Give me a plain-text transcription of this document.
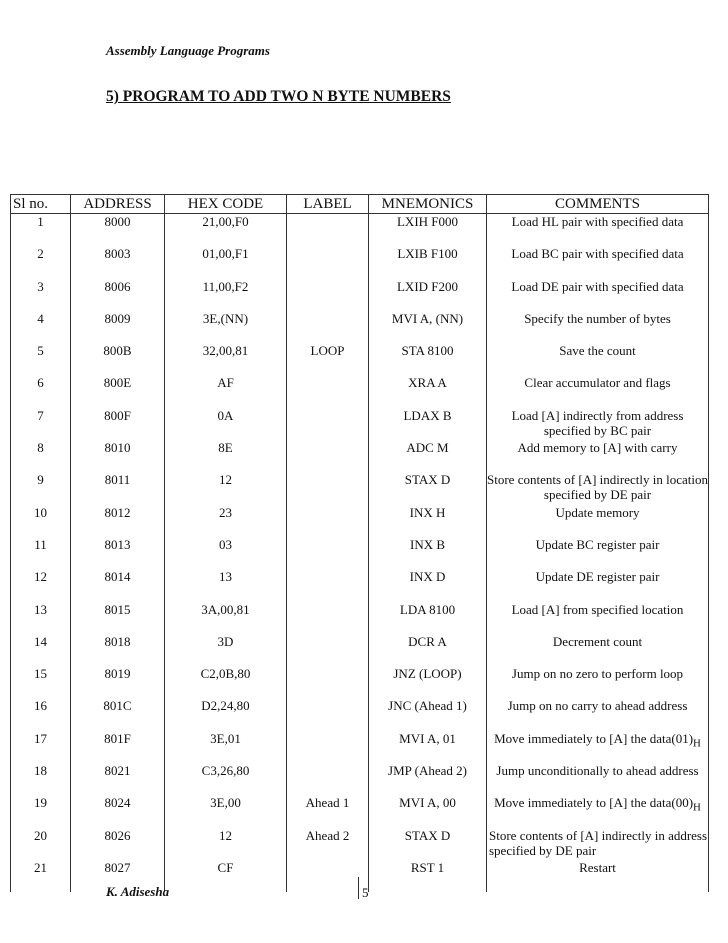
Assembly Language Programs
5) PROGRAM TO ADD TWO N BYTE NUMBERS
Sl no.	ADDRESS	HEX CODE	LABEL	MNEMONICS	COMMENTS
1	8000	21,00,F0		LXIH F000	Load HL pair with specified data
2	8003	01,00,F1		LXIB F100	Load BC pair with specified data
3	8006	11,00,F2		LXID F200	Load DE pair with specified data
4	8009	3E,(NN)		MVI A, (NN)	Specify the number of bytes
5	800B	32,00,81	LOOP	STA 8100	Save the count
6	800E	AF		XRA A	Clear accumulator and flags
7	800F	0A		LDAX B	Load [A] indirectly from address specified by BC pair
8	8010	8E		ADC M	Add memory to [A] with carry
9	8011	12		STAX D	Store contents of [A] indirectly in location specified by DE pair
10	8012	23		INX H	Update memory
11	8013	03		INX B	Update BC register pair
12	8014	13		INX D	Update DE register pair
13	8015	3A,00,81		LDA 8100	Load [A] from specified location
14	8018	3D		DCR A	Decrement count
15	8019	C2,0B,80		JNZ (LOOP)	Jump on no zero to perform loop
16	801C	D2,24,80		JNC (Ahead 1)	Jump on no carry to ahead address
17	801F	3E,01		MVI A, 01	Move immediately to [A] the $data(01)_H$
18	8021	C3,26,80		JMP (Ahead 2)	Jump unconditionally to ahead address
19	8024	3E,00	Ahead 1	MVI A, 00	Move immediately to [A] the $data(00)_H$
20	8026	12	Ahead 2	STAX D	Store contents of [A] indirectly in address specified by DE pair
21	8027	CF		RST 1	Restart
K. Adisesha	5
